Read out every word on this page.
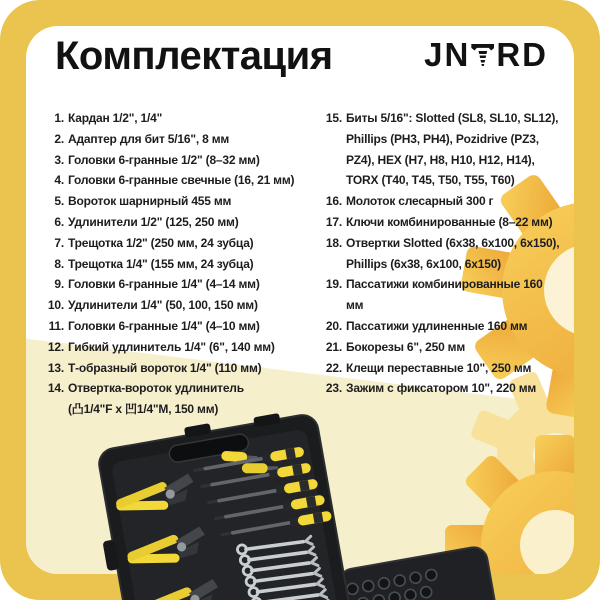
Комплектация	JN RD
1. Кардан 1/2", 1/4"
2. Адаптер для бит 5/16", 8 мм
3. Головки 6-гранные 1/2" (8–32 мм)
4. Головки 6-гранные свечные (16, 21 мм)
5. Вороток шарнирный 455 мм
6. Удлинители 1/2" (125, 250 мм)
7. Трещотка 1/2" (250 мм, 24 зубца)
8. Трещотка 1/4" (155 мм, 24 зубца)
9. Головки 6-гранные 1/4" (4–14 мм)
10. Удлинители 1/4" (50, 100, 150 мм)
11. Головки 6-гранные 1/4" (4–10 мм)
12. Гибкий удлинитель 1/4" (6", 140 мм)
13. Т-образный вороток 1/4" (110 мм)
14. Отвертка-вороток удлинитель
(凸1/4"F x 凹1/4"M, 150 мм)
15. Биты 5/16": Slotted (SL8, SL10, SL12),
Phillips (PH3, PH4), Pozidrive (PZ3,
PZ4), HEX (H7, H8, H10, H12, H14),
TORX (T40, T45, T50, T55, T60)
16. Молоток слесарный 300 г
17. Ключи комбинированные (8–22 мм)
18. Отвертки Slotted (6x38, 6x100, 6x150),
Phillips (6x38, 6x100, 6x150)
19. Пассатижи комбинированные 160
мм
20. Пассатижи удлиненные 160 мм
21. Бокорезы 6", 250 мм
22. Клещи переставные 10", 250 мм
23. Зажим с фиксатором 10", 220 мм
